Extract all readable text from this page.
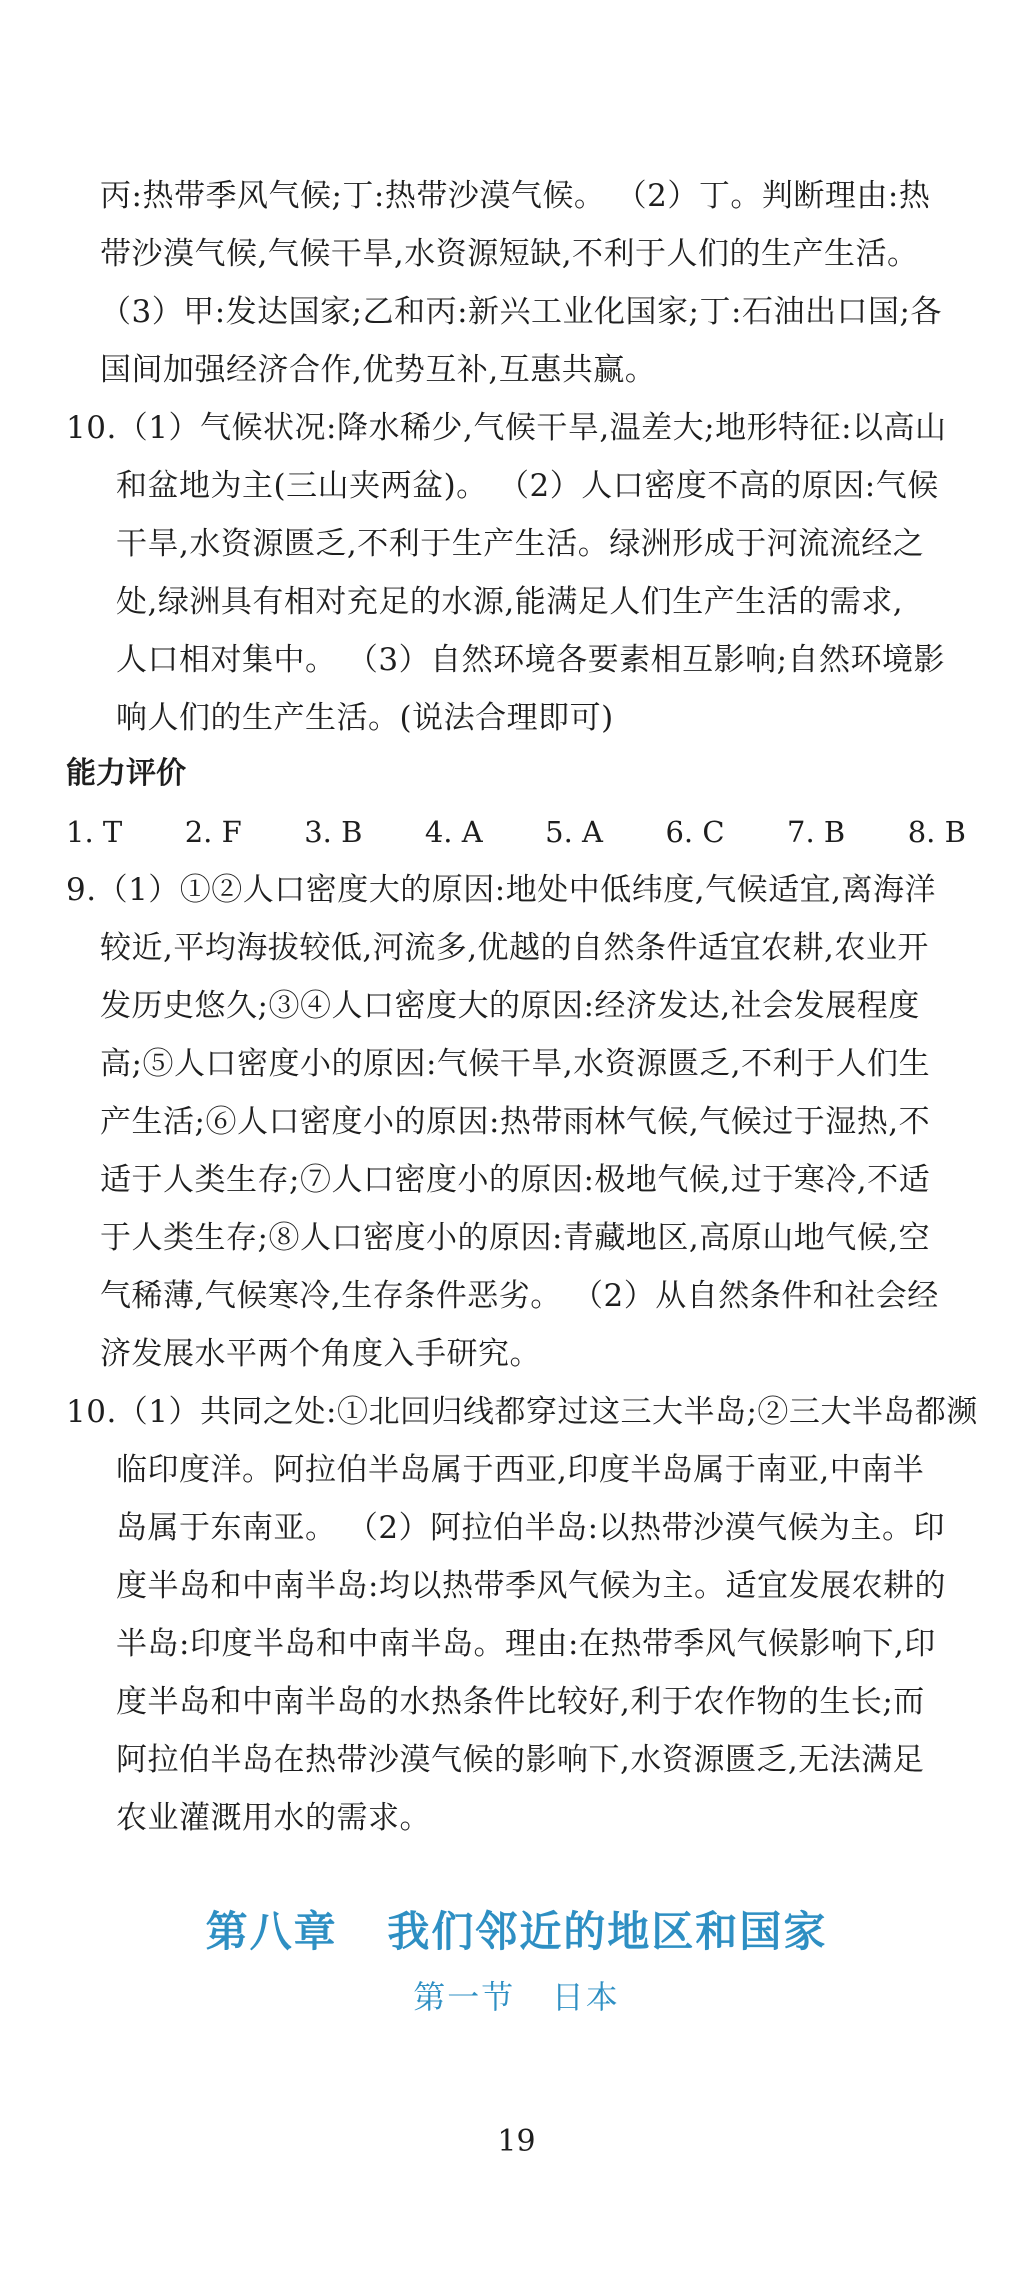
丙:热带季风气候;丁:热带沙漠气候。 （2）丁。判断理由:热
带沙漠气候,气候干旱,水资源短缺,不利于人们的生产生活。
（3）甲:发达国家;乙和丙:新兴工业化国家;丁:石油出口国;各
国间加强经济合作,优势互补,互惠共赢。
10.（1）气候状况:降水稀少,气候干旱,温差大;地形特征:以高山
和盆地为主(三山夹两盆)。 （2）人口密度不高的原因:气候
干旱,水资源匮乏,不利于生产生活。绿洲形成于河流流经之
处,绿洲具有相对充足的水源,能满足人们生产生活的需求,
人口相对集中。 （3）自然环境各要素相互影响;自然环境影
响人们的生产生活。(说法合理即可)
能力评价
1. T 2. F 3. B 4. A 5. A 6. C 7. B 8. B
9.（1）①②人口密度大的原因:地处中低纬度,气候适宜,离海洋
较近,平均海拔较低,河流多,优越的自然条件适宜农耕,农业开
发历史悠久;③④人口密度大的原因:经济发达,社会发展程度
高;⑤人口密度小的原因:气候干旱,水资源匮乏,不利于人们生
产生活;⑥人口密度小的原因:热带雨林气候,气候过于湿热,不
适于人类生存;⑦人口密度小的原因:极地气候,过于寒冷,不适
于人类生存;⑧人口密度小的原因:青藏地区,高原山地气候,空
气稀薄,气候寒冷,生存条件恶劣。 （2）从自然条件和社会经
济发展水平两个角度入手研究。
10.（1）共同之处:①北回归线都穿过这三大半岛;②三大半岛都濒
临印度洋。阿拉伯半岛属于西亚,印度半岛属于南亚,中南半
岛属于东南亚。 （2）阿拉伯半岛:以热带沙漠气候为主。印
度半岛和中南半岛:均以热带季风气候为主。适宜发展农耕的
半岛:印度半岛和中南半岛。理由:在热带季风气候影响下,印
度半岛和中南半岛的水热条件比较好,利于农作物的生长;而
阿拉伯半岛在热带沙漠气候的影响下,水资源匮乏,无法满足
农业灌溉用水的需求。
第八章   我们邻近的地区和国家
第一节   日本
19
